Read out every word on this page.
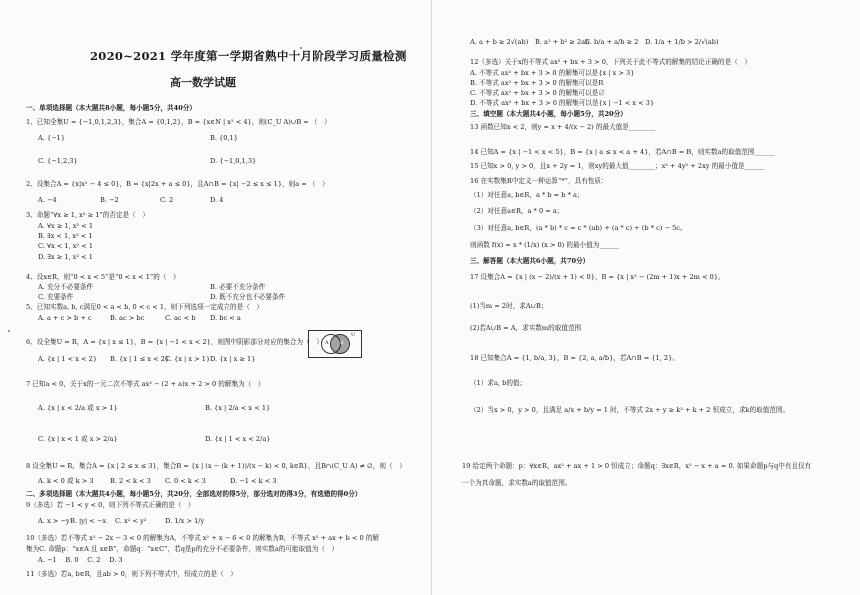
2020~2021 学年度第一学期省熟中十月阶段学习质量检测
高一数学试题
一、单项选择题（本大题共8小题，每小题5分，共40分）
1、已知全集U = {−1,0,1,2,3}，集合A = {0,1,2}，B = {x∈N | x² < 4}，则(C_U A)∪B = （　）
A. {−1}	B. {0,1}
C. {−1,2,3}	D. {−1,0,1,3}
2、设集合A = {x|x² − 4 ≤ 0}，B = {x|2x + a ≤ 0}，且A∩B = {x| −2 ≤ x ≤ 1}，则a = （　）
A. −4	B. −2	C. 2	D. 4
3、命题“∀x ≥ 1, x² ≥ 1”的否定是（　）
A. ∀x ≥ 1, x² < 1
B. ∃x < 1, x² < 1
C. ∀x < 1, x² < 1
D. ∃x ≥ 1, x² < 1
4、设x∈R，则“0 < x < 5”是“0 < x < 1”的（　）
A. 充分不必要条件	B. 必要不充分条件
C. 充要条件	D. 既不充分也不必要条件
5、已知实数a, b, c满足0 < a < b, 0 < c < 1，则下列选项一定成立的是（　）
A. a + c > b + c	B. ac > bc	C. ac < b D. bc < a
6、设全集U = R，A = {x | x ≤ 1}，B = {x | −1 < x < 2}，则图中阴影部分对应的集合为（　）
A. {x | 1 < x < 2} B. {x | 1 ≤ x < 2}
C. {x | x > 1} D. {x | x ≥ 1}
7 已知a < 0，关于x的一元二次不等式 ax² − (2 + a)x + 2 > 0 的解集为（　）
A. {x | x < 2/a 或 x > 1}	B. {x | 2/a < x < 1}
C. {x | x < 1 或 x > 2/a}	D. {x | 1 < x < 2/a}
8 设全集U = R，集合A = {x | 2 ≤ x ≤ 3}，集合B = {x | (x − (k + 1))/(x − k) < 0, k∈R}，且B∩(C_U A) ≠ ∅，则（　）
A. k < 0 或 k > 3 B. 2 < k < 3 C. 0 < k < 3	D. −1 < k < 3
二、多项选择题（本大题共4小题，每小题5分，共20分，全部选对的得5分，部分选对的得3分，有选错的得0分）
9（多选）若 −1 < y < 0，则下列不等式正确的是（　）
A. x > −y B. |y| < −x C. x² < y²	D. 1/x > 1/y
10（多选）若不等式 x² − 2x − 3 < 0 的解集为A，不等式 x² + x − 6 < 0 的解集为B，不等式 x² + ax + b < 0 的解
集为C. 命题p：“x∈A 且 x∈B”，命题q：“x∈C”，若q是p的充分不必要条件，则实数a的可能取值为（　）
A. −1　 B. 0　 C. 2　 D. 3
11（多选）若a, b∈R，且ab > 0，则下列不等式中，恒成立的是（　）
A. a + b ≥ 2√(ab) B. a² + b² ≥ 2ab
C. b/a + a/b ≥ 2 D. 1/a + 1/b > 2/√(ab)
12（多选）关于x的不等式 ax² + bx + 3 > 0，下列关于此不等式的解集的结论正确的是（　）
A. 不等式 ax² + bx + 3 > 0 的解集可以是{x | x > 3}
B. 不等式 ax² + bx + 3 > 0 的解集可以是R
C. 不等式 ax² + bx + 3 > 0 的解集可以是∅
D. 不等式 ax² + bx + 3 > 0 的解集可以是{x | −1 < x < 3}
三、填空题（本大题共4小题，每小题5分，共20分）
13 函数已知x < 2，则y = x + 4/(x − 2) 的最大值是________
14 已知A = {x | −1 < x < 5}，B = {x | a ≤ x < a + 4}，若A∩B = B，则实数a的取值范围______
15 已知x > 0, y > 0，且x + 2y = 1，则xy的最大值________；x² + 4y² + 2xy 的最小值是______
16 在实数集R中定义一种运算“*”，具有性质：
（1）对任意a, b∈R，a * b = b * a；
（2）对任意a∈R，a * 0 = a；
（3）对任意a, b∈R，(a * b) * c = c * (ab) + (a * c) + (b * c) − 5c。
则函数 f(x) = x * (1/x) (x > 0) 的最小值为______
三、解答题（本大题共6小题，共70分）
17 设集合A = {x | (x − 2)/(x + 1) < 0}，B = {x | x² − (2m + 1)x + 2m < 0}。
(1)当m = 2时，求A∪B；
(2)若A∪B = A，求实数m的取值范围
18 已知集合A = {1, b/a, 3}，B = {2, a, a/b}，若A∩B = {1, 2}。
（1）求a, b的值；
（2）当x > 0，y > 0，且满足 a/x + b/y = 1 时，不等式 2x + y ≥ k² + k + 2 恒成立，求k的取值范围。
19 给定两个命题：p：∀x∈R，ax² + ax + 1 > 0 恒成立；命题q：∃x∈R，x² − x + a = 0. 如果命题p与q中有且仅有
一个为真命题，求实数a的取值范围。
U
A B
